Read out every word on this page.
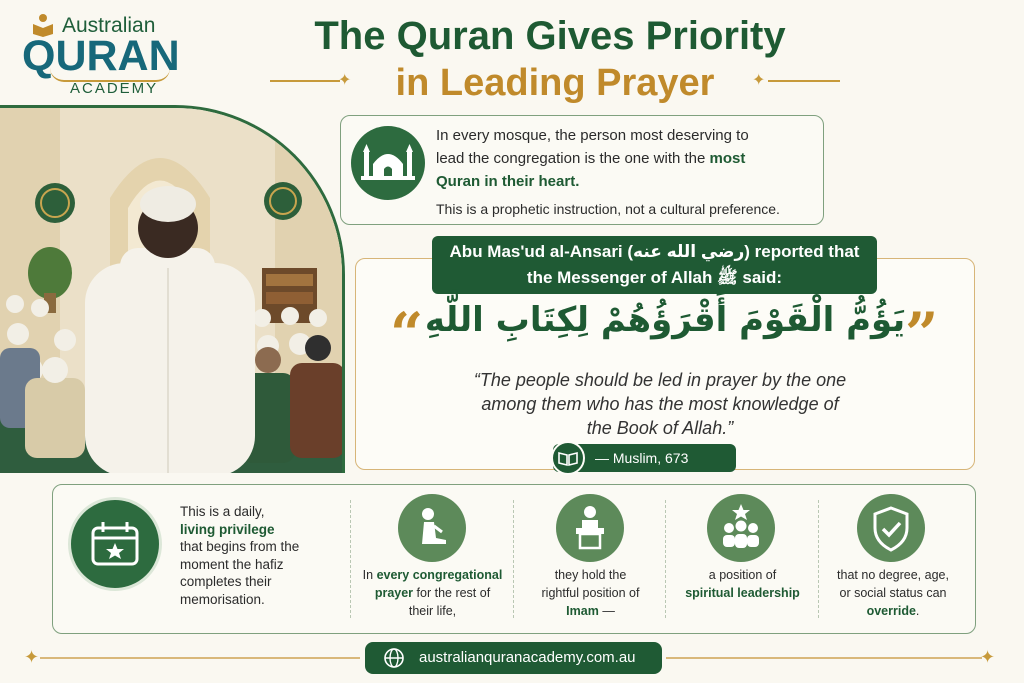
Australian
QURAN
ACADEMY
The Quran Gives Priority
in Leading Prayer
✦	✦

In every mosque, the person most deserving to
lead the congregation is the one with the most
Quran in their heart.

This is a prophetic instruction, not a cultural preference.

Abu Mas'ud al-Ansari (رضي الله عنه) reported that
the Messenger of Allah ﷺ said:
“ يَؤُمُّ الْقَوْمَ أَقْرَؤُهُمْ لِكِتَابِ اللَّهِ ”
“The people should be led in prayer by the one
among them who has the most knowledge of
the Book of Allah.”
— Muslim, 673
This is a daily,
living privilege
that begins from the
moment the hafiz
completes their
memorisation.
In every congregational
prayer for the rest of
their life,
they hold the
rightful position of
Imam —
a position of
spiritual leadership
that no degree, age,
or social status can
override.
✦	australianquranacademy.com.au	✦
